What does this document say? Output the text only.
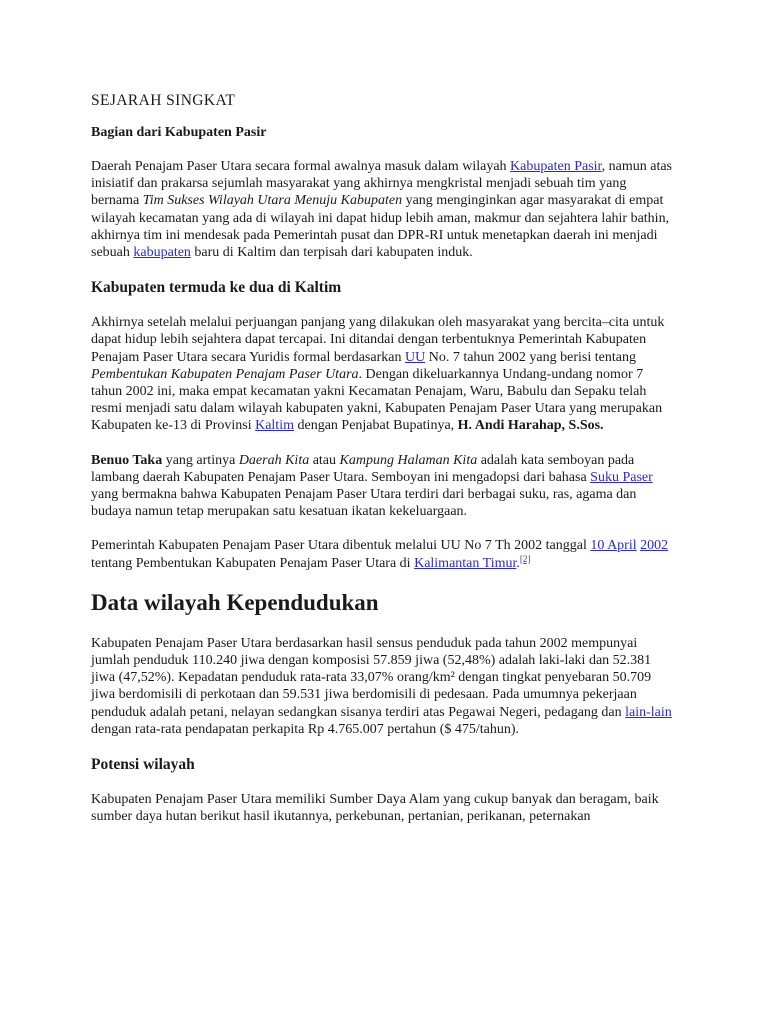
SEJARAH SINGKAT
Bagian dari Kabupaten Pasir

Daerah Penajam Paser Utara secara formal awalnya masuk dalam wilayah Kabupaten Pasir, namun atas inisiatif dan prakarsa sejumlah masyarakat yang akhirnya mengkristal menjadi sebuah tim yang bernama Tim Sukses Wilayah Utara Menuju Kabupaten yang menginginkan agar masyarakat di empat wilayah kecamatan yang ada di wilayah ini dapat hidup lebih aman, makmur dan sejahtera lahir bathin, akhirnya tim ini mendesak pada Pemerintah pusat dan DPR-RI untuk menetapkan daerah ini menjadi sebuah kabupaten baru di Kaltim dan terpisah dari kabupaten induk.

Kabupaten termuda ke dua di Kaltim

Akhirnya setelah melalui perjuangan panjang yang dilakukan oleh masyarakat yang bercita–cita untuk dapat hidup lebih sejahtera dapat tercapai. Ini ditandai dengan terbentuknya Pemerintah Kabupaten Penajam Paser Utara secara Yuridis formal berdasarkan UU No. 7 tahun 2002 yang berisi tentang Pembentukan Kabupaten Penajam Paser Utara. Dengan dikeluarkannya Undang-undang nomor 7 tahun 2002 ini, maka empat kecamatan yakni Kecamatan Penajam, Waru, Babulu dan Sepaku telah resmi menjadi satu dalam wilayah kabupaten yakni, Kabupaten Penajam Paser Utara yang merupakan Kabupaten ke-13 di Provinsi Kaltim dengan Penjabat Bupatinya, H. Andi Harahap, S.Sos.

Benuo Taka yang artinya Daerah Kita atau Kampung Halaman Kita adalah kata semboyan pada lambang daerah Kabupaten Penajam Paser Utara. Semboyan ini mengadopsi dari bahasa Suku Paser yang bermakna bahwa Kabupaten Penajam Paser Utara terdiri dari berbagai suku, ras, agama dan budaya namun tetap merupakan satu kesatuan ikatan kekeluargaan.

Pemerintah Kabupaten Penajam Paser Utara dibentuk melalui UU No 7 Th 2002 tanggal 10 April 2002 tentang Pembentukan Kabupaten Penajam Paser Utara di Kalimantan Timur.[2]

Data wilayah Kependudukan

Kabupaten Penajam Paser Utara berdasarkan hasil sensus penduduk pada tahun 2002 mempunyai jumlah penduduk 110.240 jiwa dengan komposisi 57.859 jiwa (52,48%) adalah laki-laki dan 52.381 jiwa (47,52%). Kepadatan penduduk rata-rata 33,07% orang/km² dengan tingkat penyebaran 50.709 jiwa berdomisili di perkotaan dan 59.531 jiwa berdomisili di pedesaan. Pada umumnya pekerjaan penduduk adalah petani, nelayan sedangkan sisanya terdiri atas Pegawai Negeri, pedagang dan lain-lain dengan rata-rata pendapatan perkapita Rp 4.765.007 pertahun ($ 475/tahun).

Potensi wilayah

Kabupaten Penajam Paser Utara memiliki Sumber Daya Alam yang cukup banyak dan beragam, baik sumber daya hutan berikut hasil ikutannya, perkebunan, pertanian, perikanan, peternakan
